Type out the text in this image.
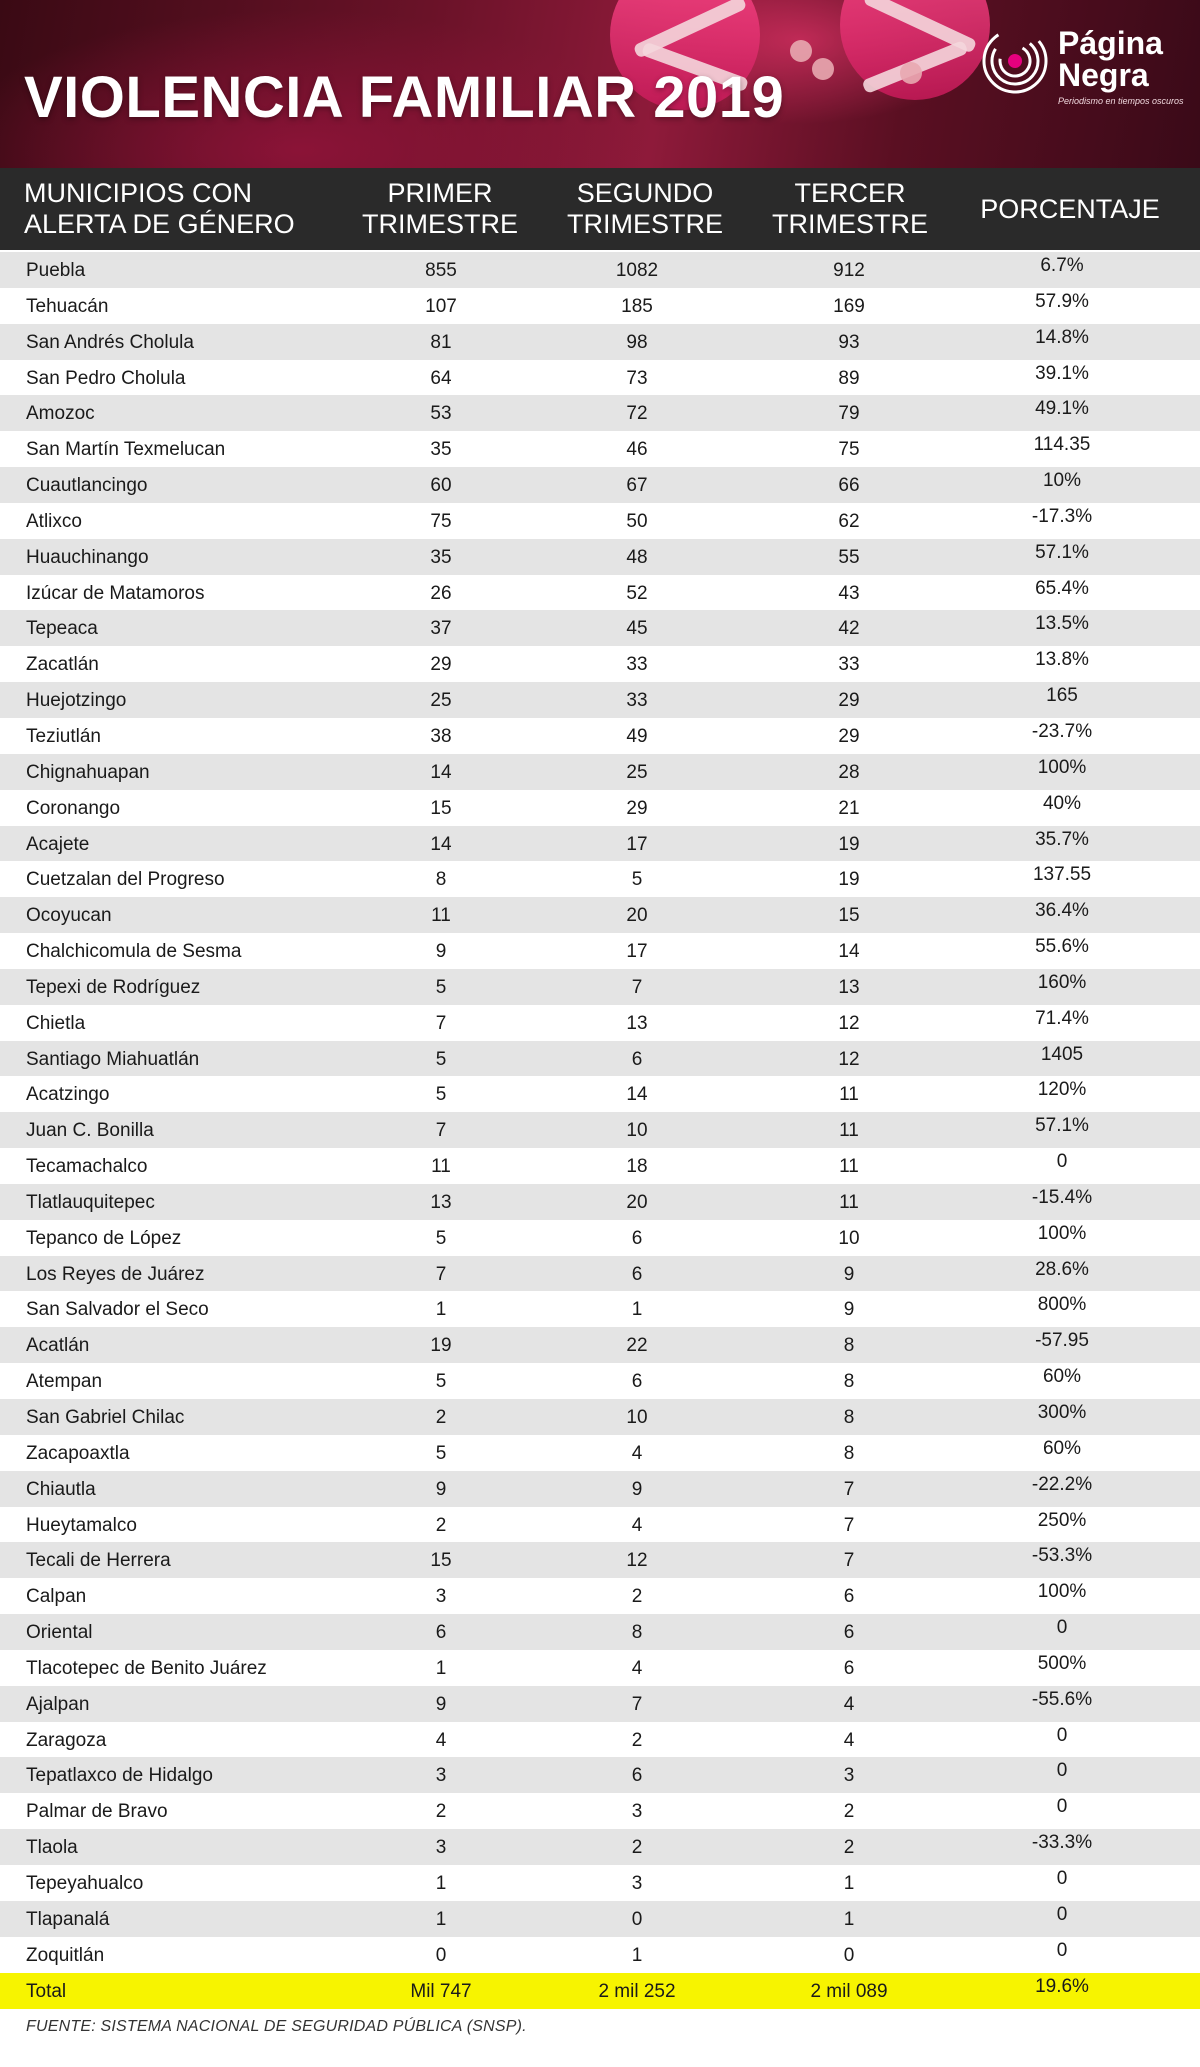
VIOLENCIA FAMILIAR 2019
Página
Negra
Periodismo en tiempos oscuros
MUNICIPIOS CON
ALERTA DE GÉNERO
PRIMER
TRIMESTRE
SEGUNDO
TRIMESTRE
TERCER
TRIMESTRE
PORCENTAJE
Puebla	855	1082	912	6.7%
Tehuacán	107	185	169	57.9%
San Andrés Cholula	81	98	93	14.8%
San Pedro Cholula	64	73	89	39.1%
Amozoc	53	72	79	49.1%
San Martín Texmelucan	35	46	75	114.35
Cuautlancingo	60	67	66	10%
Atlixco	75	50	62	-17.3%
Huauchinango	35	48	55	57.1%
Izúcar de Matamoros	26	52	43	65.4%
Tepeaca	37	45	42	13.5%
Zacatlán	29	33	33	13.8%
Huejotzingo	25	33	29	165
Teziutlán	38	49	29	-23.7%
Chignahuapan	14	25	28	100%
Coronango	15	29	21	40%
Acajete	14	17	19	35.7%
Cuetzalan del Progreso	8	5	19	137.55
Ocoyucan	11	20	15	36.4%
Chalchicomula de Sesma	9	17	14	55.6%
Tepexi de Rodríguez	5	7	13	160%
Chietla	7	13	12	71.4%
Santiago Miahuatlán	5	6	12	1405
Acatzingo	5	14	11	120%
Juan C. Bonilla	7	10	11	57.1%
Tecamachalco	11	18	11	0
Tlatlauquitepec	13	20	11	-15.4%
Tepanco de López	5	6	10	100%
Los Reyes de Juárez	7	6	9	28.6%
San Salvador el Seco	1	1	9	800%
Acatlán	19	22	8	-57.95
Atempan	5	6	8	60%
San Gabriel Chilac	2	10	8	300%
Zacapoaxtla	5	4	8	60%
Chiautla	9	9	7	-22.2%
Hueytamalco	2	4	7	250%
Tecali de Herrera	15	12	7	-53.3%
Calpan	3	2	6	100%
Oriental	6	8	6	0
Tlacotepec de Benito Juárez	1	4	6	500%
Ajalpan	9	7	4	-55.6%
Zaragoza	4	2	4	0
Tepatlaxco de Hidalgo	3	6	3	0
Palmar de Bravo	2	3	2	0
Tlaola	3	2	2	-33.3%
Tepeyahualco	1	3	1	0
Tlapanalá	1	0	1	0
Zoquitlán	0	1	0	0
Total	Mil 747	2 mil 252	2 mil 089	19.6%
FUENTE: SISTEMA NACIONAL DE SEGURIDAD PÚBLICA (SNSP).
